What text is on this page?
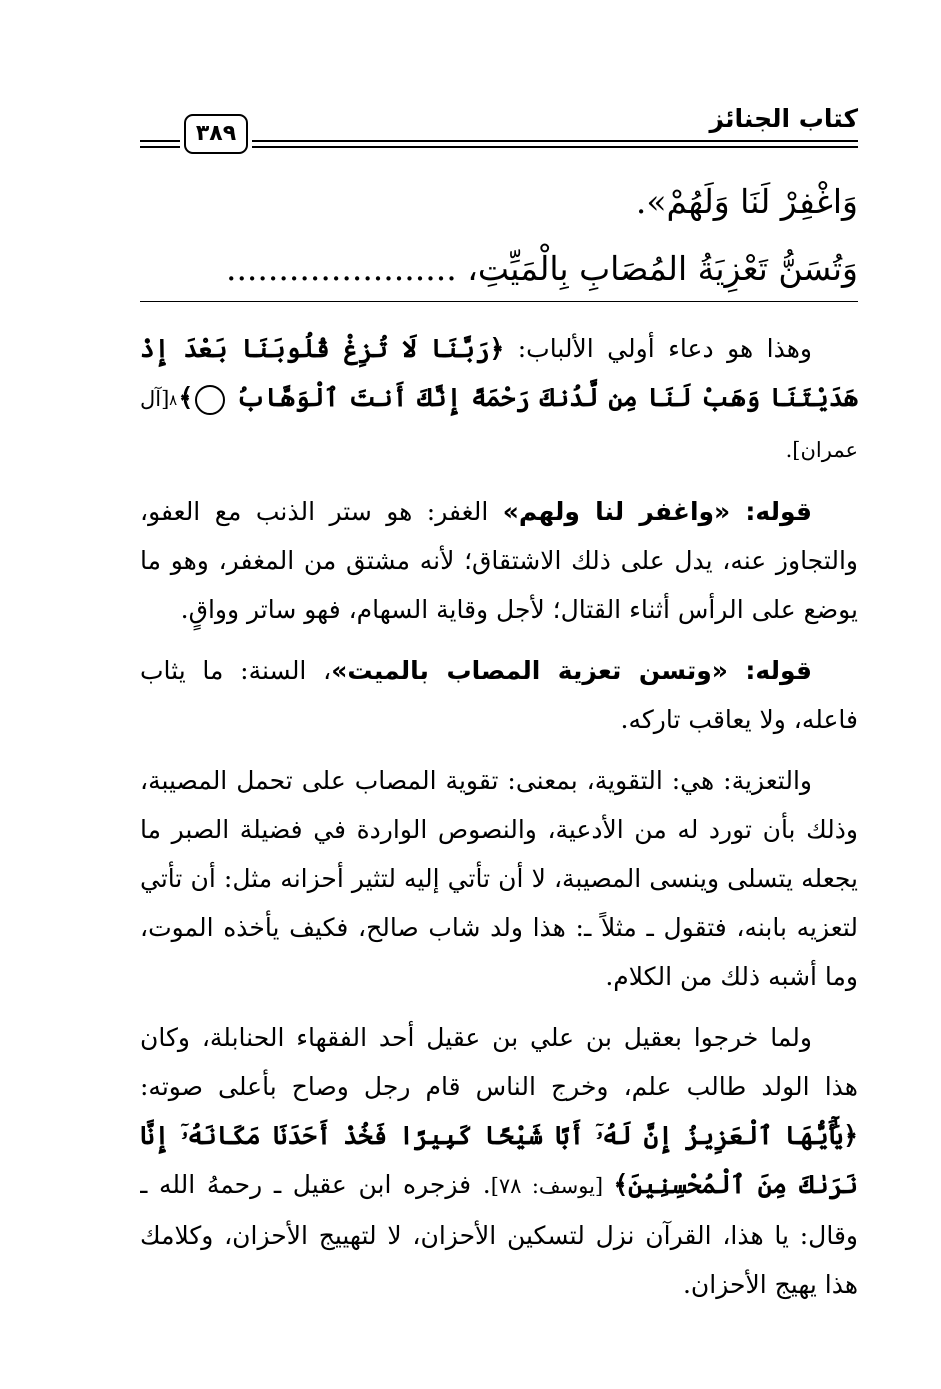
كتاب الجنائز
٣٨٩
وَاغْفِرْ لَنَا وَلَهُمْ».
وَتُسَنُّ تَعْزِيَةُ المُصَابِ بِالْمَيِّتِ، ......................

وهذا هو دعاء أولي الألباب: ﴿رَبَّنَا لَا تُزِغْ قُلُوبَنَا بَعْدَ إِذْ هَدَيْتَنَا وَهَبْ لَنَا مِن لَّدُنكَ رَحْمَةً إِنَّكَ أَنتَ ٱلْوَهَّابُ ٨﴾ [آل عمران].

قوله: «واغفر لنا ولهم» الغفر: هو ستر الذنب مع العفو، والتجاوز عنه، يدل على ذلك الاشتقاق؛ لأنه مشتق من المغفر، وهو ما يوضع على الرأس أثناء القتال؛ لأجل وقاية السهام، فهو ساتر وواقٍ.

قوله: «وتسن تعزية المصاب بالميت»، السنة: ما يثاب فاعله، ولا يعاقب تاركه.

والتعزية: هي: التقوية، بمعنى: تقوية المصاب على تحمل المصيبة، وذلك بأن تورد له من الأدعية، والنصوص الواردة في فضيلة الصبر ما يجعله يتسلى وينسى المصيبة، لا أن تأتي إليه لتثير أحزانه مثل: أن تأتي لتعزيه بابنه، فتقول ـ مثلاً ـ: هذا ولد شاب صالح، فكيف يأخذه الموت، وما أشبه ذلك من الكلام.

ولما خرجوا بعقيل بن علي بن عقيل أحد الفقهاء الحنابلة، وكان هذا الولد طالب علم، وخرج الناس قام رجل وصاح بأعلى صوته: ﴿يَٰٓأَيُّهَا ٱلْعَزِيزُ إِنَّ لَهُۥٓ أَبًا شَيْخًا كَبِيرًا فَخُذْ أَحَدَنَا مَكَانَهُۥٓ إِنَّا نَرَىٰكَ مِنَ ٱلْمُحْسِنِينَ﴾ [يوسف: ٧٨]. فزجره ابن عقيل ـ رحمهُ الله ـ وقال: يا هذا، القرآن نزل لتسكين الأحزان، لا لتهييج الأحزان، وكلامك هذا يهيج الأحزان.
